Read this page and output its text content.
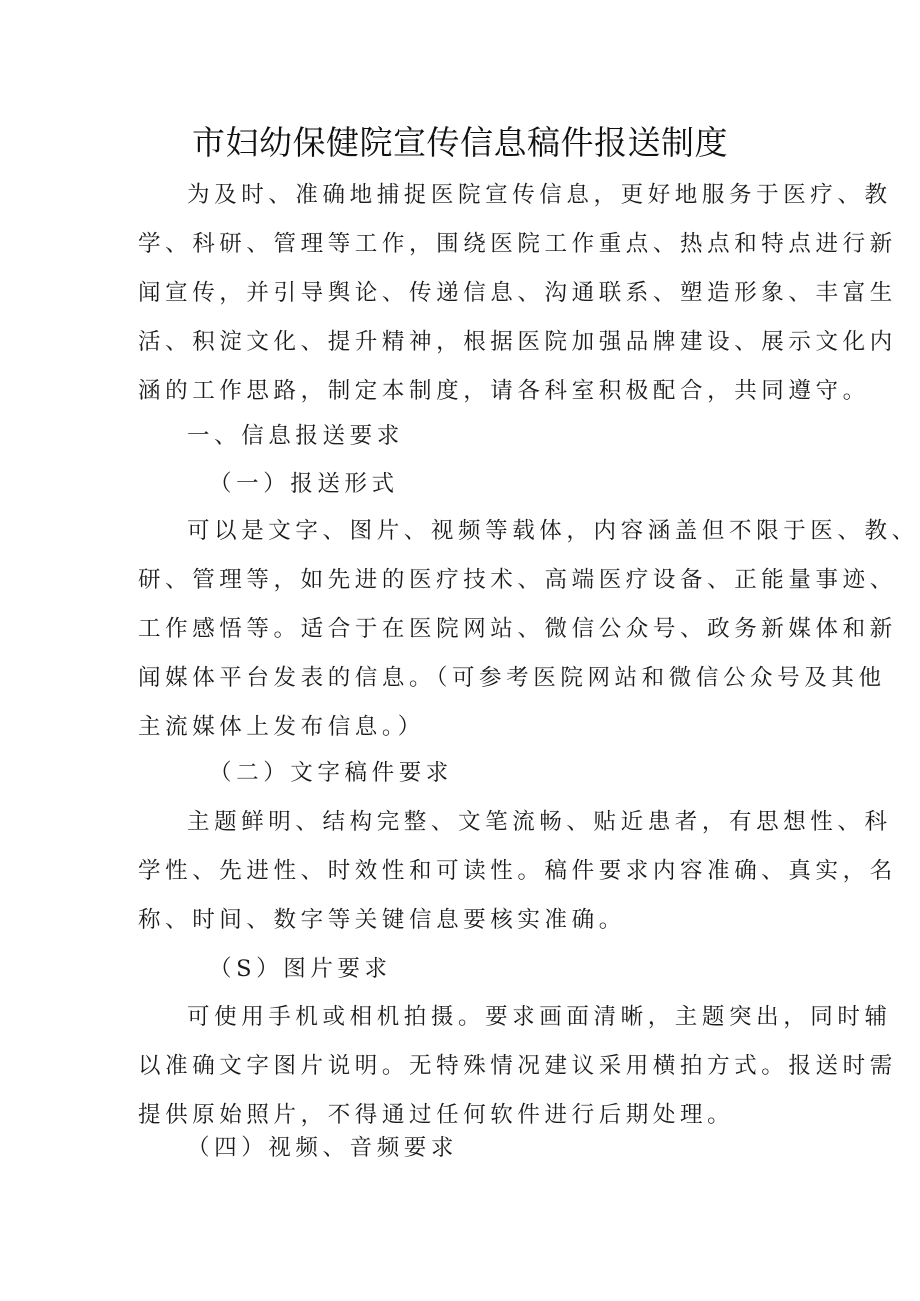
市妇幼保健院宣传信息稿件报送制度
为及时、准确地捕捉医院宣传信息，更好地服务于医疗、教
学、科研、管理等工作，围绕医院工作重点、热点和特点进行新
闻宣传，并引导舆论、传递信息、沟通联系、塑造形象、丰富生
活、积淀文化、提升精神，根据医院加强品牌建设、展示文化内
涵的工作思路，制定本制度，请各科室积极配合，共同遵守。
一、信息报送要求
（一）报送形式
可以是文字、图片、视频等载体，内容涵盖但不限于医、教、
研、管理等，如先进的医疗技术、高端医疗设备、正能量事迹、
工作感悟等。适合于在医院网站、微信公众号、政务新媒体和新
闻媒体平台发表的信息。（可参考医院网站和微信公众号及其他
主流媒体上发布信息。）
（二）文字稿件要求
主题鲜明、结构完整、文笔流畅、贴近患者，有思想性、科
学性、先进性、时效性和可读性。稿件要求内容准确、真实，名
称、时间、数字等关键信息要核实准确。
（S）图片要求
可使用手机或相机拍摄。要求画面清晰，主题突出，同时辅
以准确文字图片说明。无特殊情况建议采用横拍方式。报送时需
提供原始照片，不得通过任何软件进行后期处理。
（四）视频、音频要求
